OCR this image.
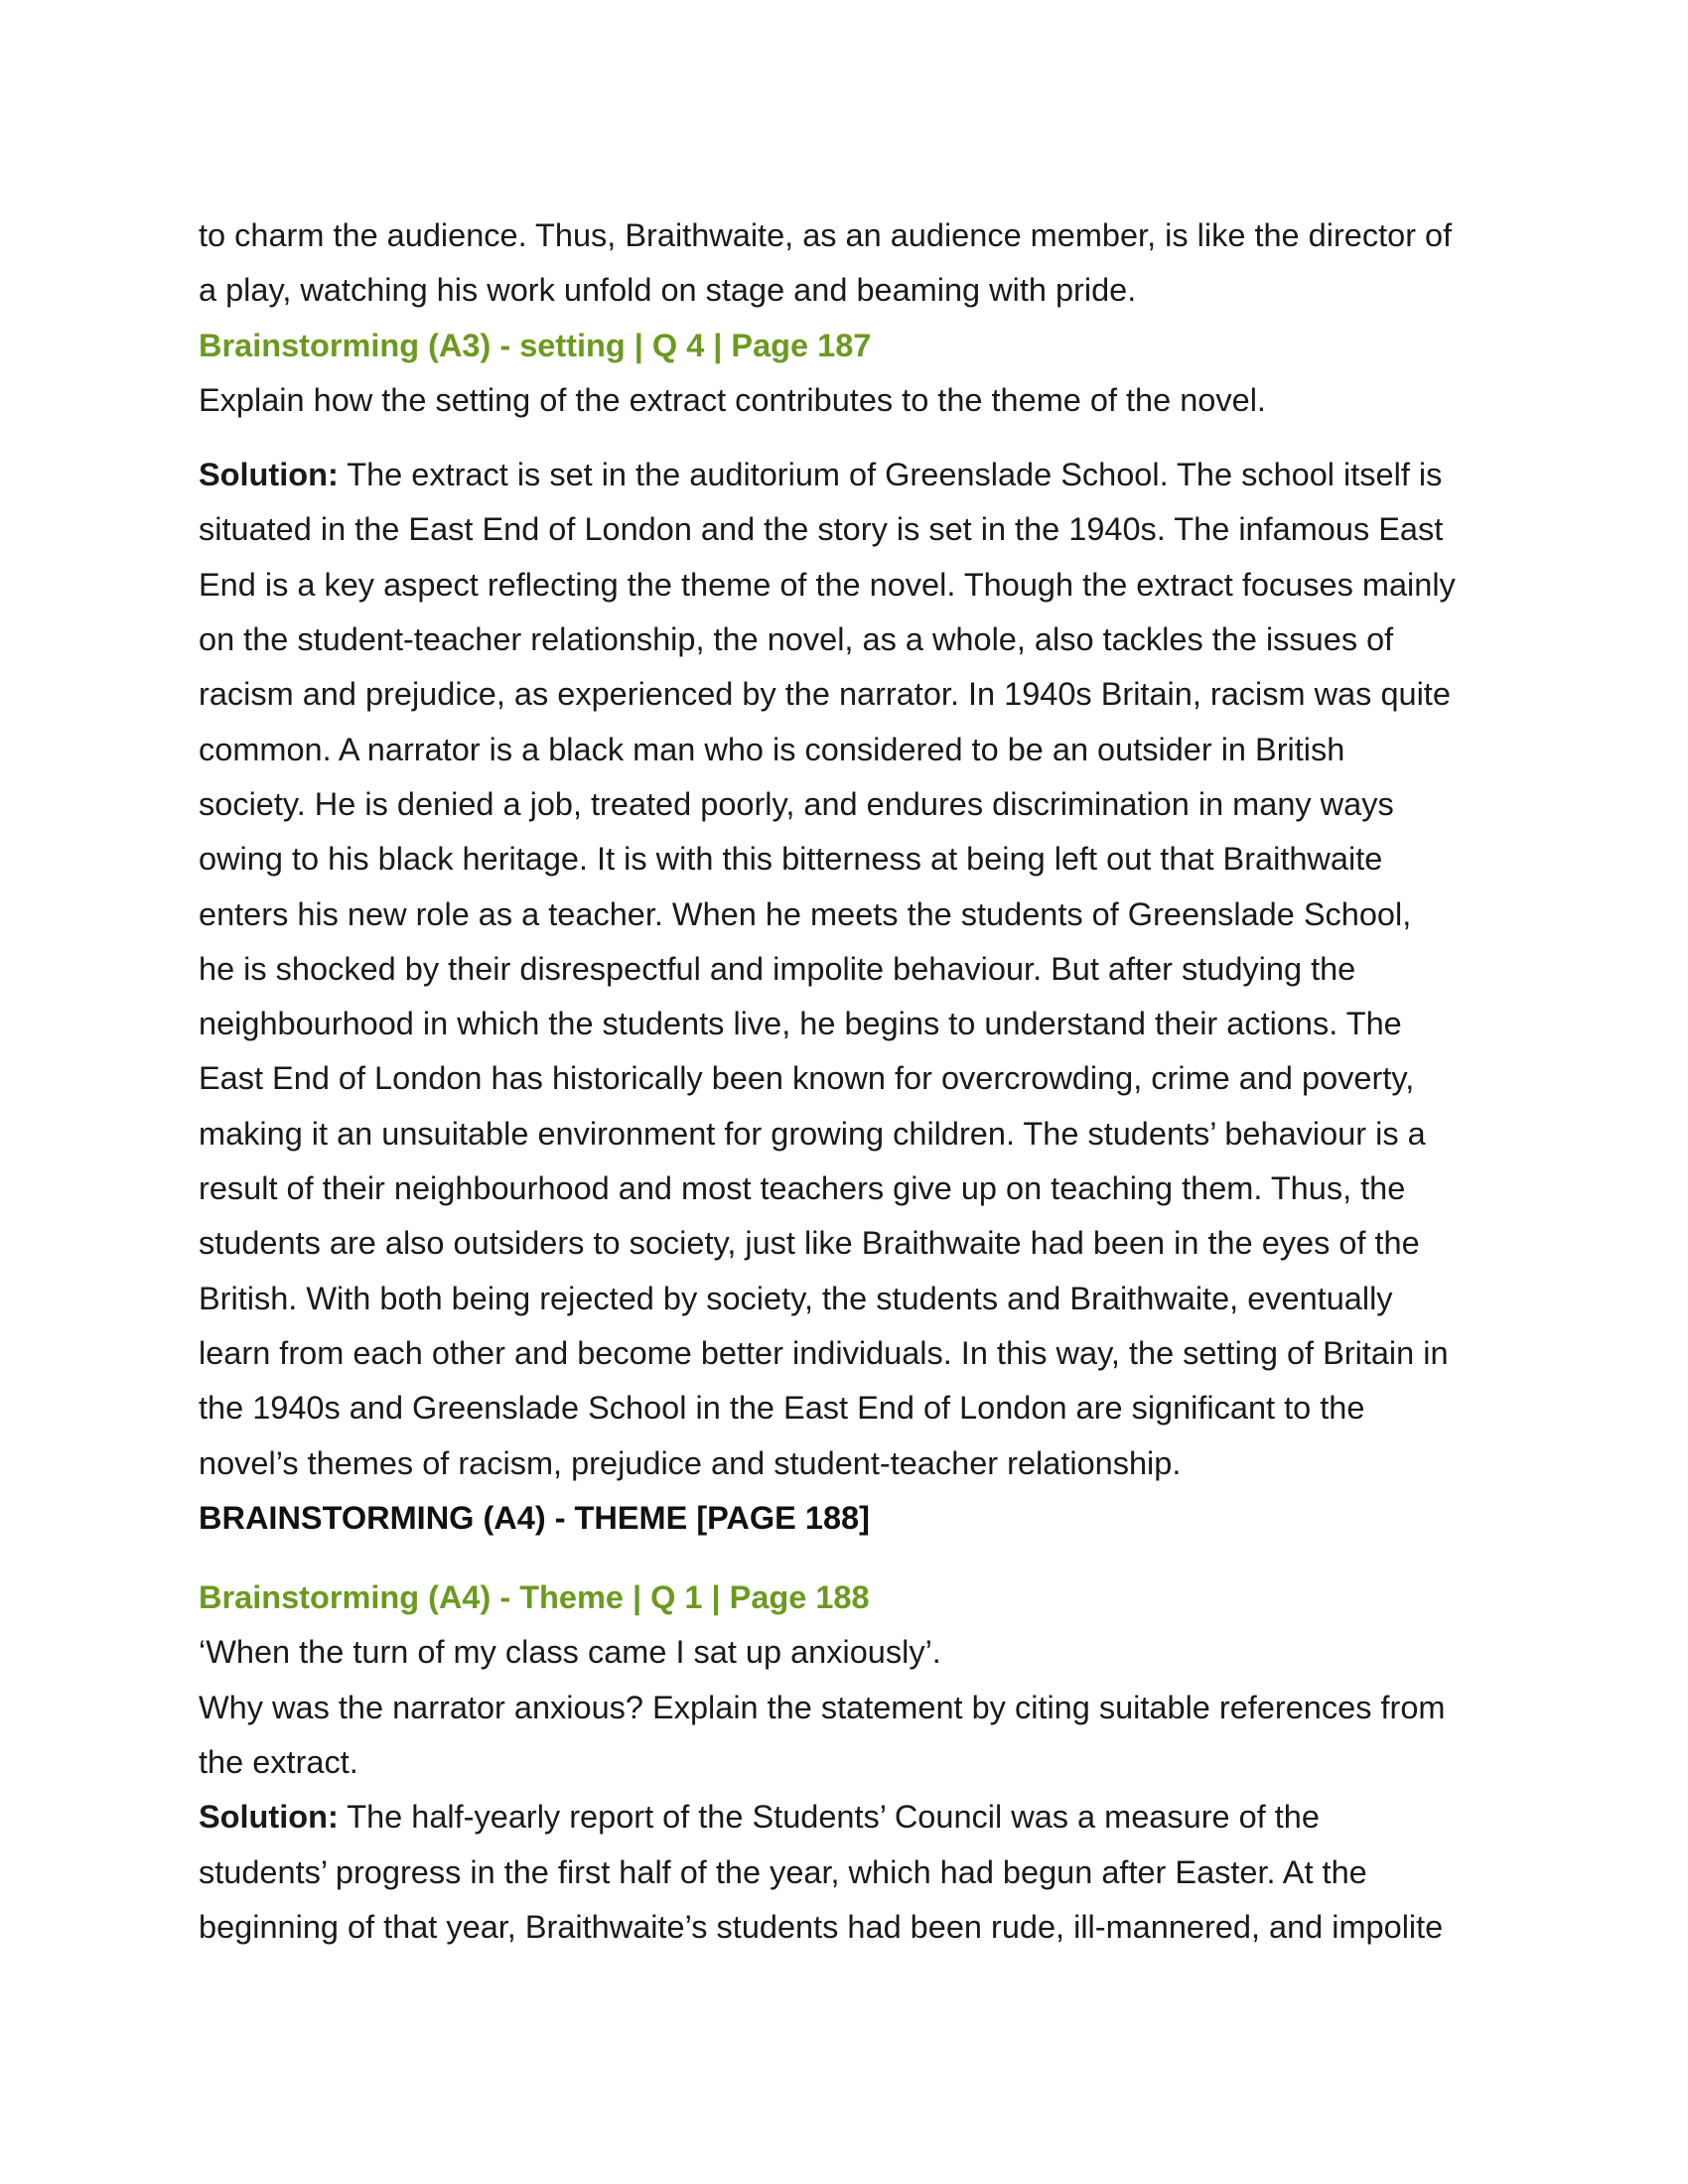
to charm the audience. Thus, Braithwaite, as an audience member, is like the director of
a play, watching his work unfold on stage and beaming with pride.
Brainstorming (A3) - setting | Q 4 | Page 187
Explain how the setting of the extract contributes to the theme of the novel.
Solution: The extract is set in the auditorium of Greenslade School. The school itself is
situated in the East End of London and the story is set in the 1940s. The infamous East
End is a key aspect reflecting the theme of the novel. Though the extract focuses mainly
on the student-teacher relationship, the novel, as a whole, also tackles the issues of
racism and prejudice, as experienced by the narrator. In 1940s Britain, racism was quite
common. A narrator is a black man who is considered to be an outsider in British
society. He is denied a job, treated poorly, and endures discrimination in many ways
owing to his black heritage. It is with this bitterness at being left out that Braithwaite
enters his new role as a teacher. When he meets the students of Greenslade School,
he is shocked by their disrespectful and impolite behaviour. But after studying the
neighbourhood in which the students live, he begins to understand their actions. The
East End of London has historically been known for overcrowding, crime and poverty,
making it an unsuitable environment for growing children. The students’ behaviour is a
result of their neighbourhood and most teachers give up on teaching them. Thus, the
students are also outsiders to society, just like Braithwaite had been in the eyes of the
British. With both being rejected by society, the students and Braithwaite, eventually
learn from each other and become better individuals. In this way, the setting of Britain in
the 1940s and Greenslade School in the East End of London are significant to the
novel’s themes of racism, prejudice and student-teacher relationship.
BRAINSTORMING (A4) - THEME [PAGE 188]
Brainstorming (A4) - Theme | Q 1 | Page 188
‘When the turn of my class came I sat up anxiously’.
Why was the narrator anxious? Explain the statement by citing suitable references from
the extract.
Solution: The half-yearly report of the Students’ Council was a measure of the
students’ progress in the first half of the year, which had begun after Easter. At the
beginning of that year, Braithwaite’s students had been rude, ill-mannered, and impolite
